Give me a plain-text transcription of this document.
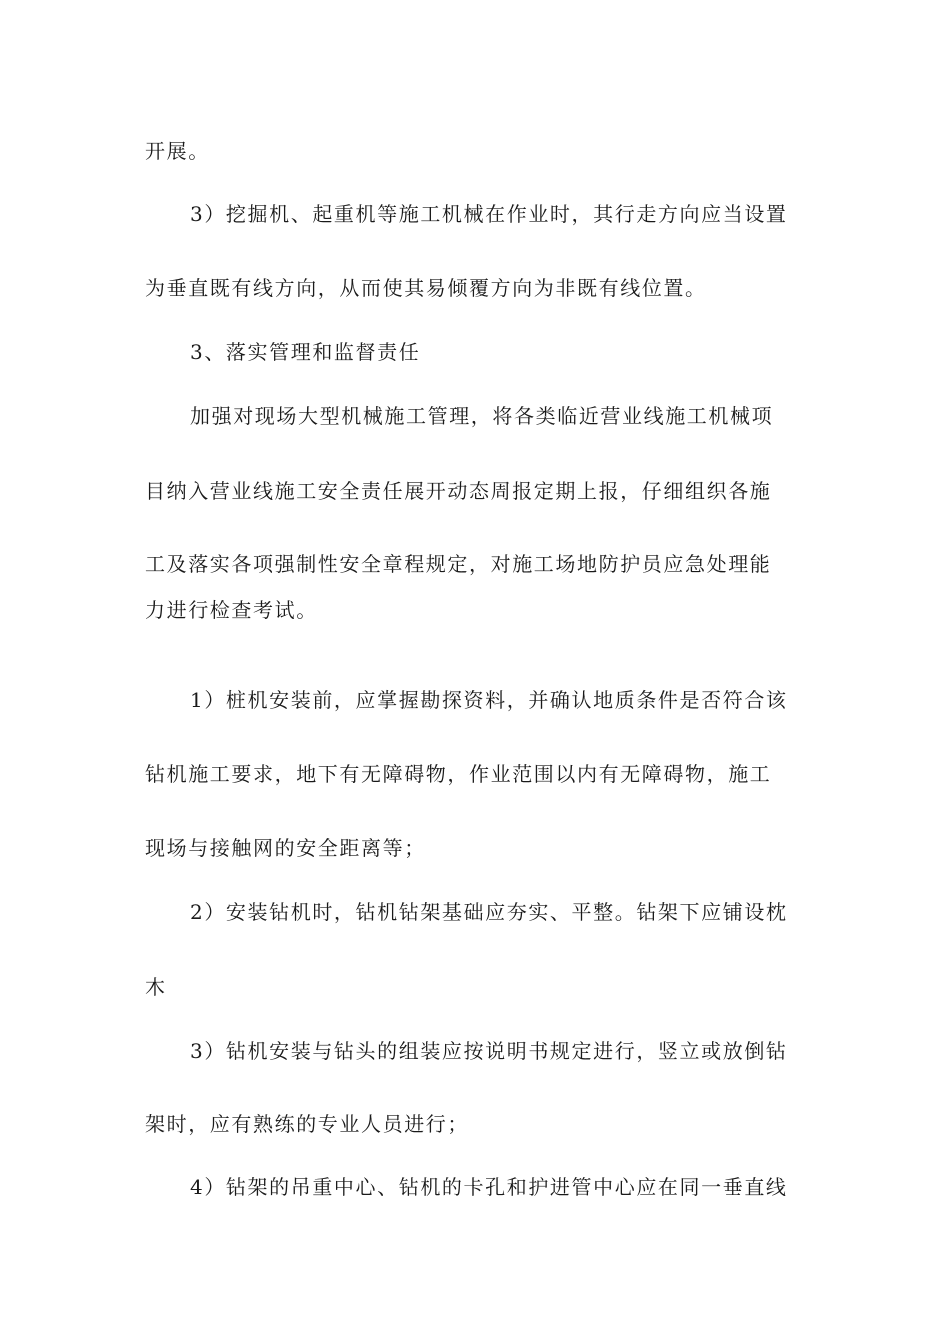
开展。
3）挖掘机、起重机等施工机械在作业时，其行走方向应当设置
为垂直既有线方向，从而使其易倾覆方向为非既有线位置。
3、落实管理和监督责任
加强对现场大型机械施工管理，将各类临近营业线施工机械项
目纳入营业线施工安全责任展开动态周报定期上报，仔细组织各施
工及落实各项强制性安全章程规定，对施工场地防护员应急处理能
力进行检查考试。
1）桩机安装前，应掌握勘探资料，并确认地质条件是否符合该
钻机施工要求，地下有无障碍物，作业范围以内有无障碍物，施工
现场与接触网的安全距离等；
2）安装钻机时，钻机钻架基础应夯实、平整。钻架下应铺设枕
木
3）钻机安装与钻头的组装应按说明书规定进行，竖立或放倒钻
架时，应有熟练的专业人员进行；
4）钻架的吊重中心、钻机的卡孔和护进管中心应在同一垂直线
